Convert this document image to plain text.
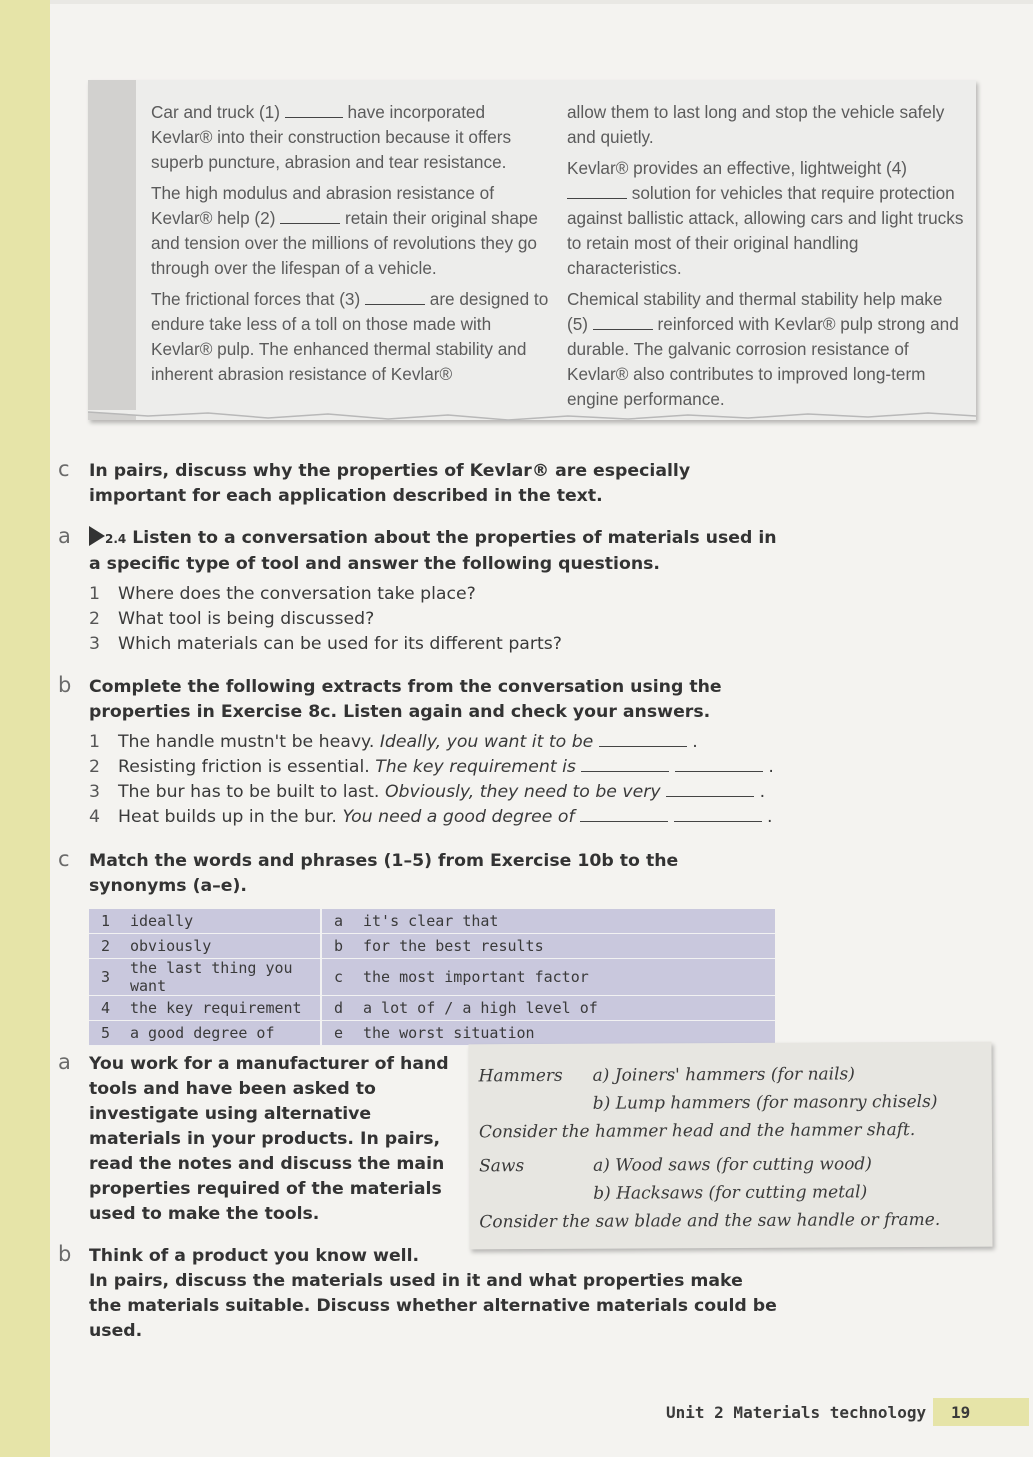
Car and truck (1)	have incorporated Kevlar® into their construction because it offers superb puncture, abrasion and tear resistance.

The high modulus and abrasion resistance of Kevlar® help (2)	retain their original shape and tension over the millions of revolutions they go through over the lifespan of a vehicle.

The frictional forces that (3)	are designed to endure take less of a toll on those made with Kevlar® pulp. The enhanced thermal stability and inherent abrasion resistance of Kevlar®

allow them to last long and stop the vehicle safely and quietly.

Kevlar® provides an effective, lightweight (4)  solution for vehicles that require protection against ballistic attack, allowing cars and light trucks to retain most of their original handling characteristics.

Chemical stability and thermal stability help make (5)	reinforced with Kevlar® pulp strong and durable. The galvanic corrosion resistance of Kevlar® also contributes to improved long-term engine performance.

c In pairs, discuss why the properties of Kevlar® are especially important for each application described in the text.
a	2.4 Listen to a conversation about the properties of materials used in a specific type of tool and answer the following questions.
1	Where does the conversation take place?
2	What tool is being discussed?
3	Which materials can be used for its different parts?
b Complete the following extracts from the conversation using the properties in Exercise 8c. Listen again and check your answers.
1	The handle mustn't be heavy. Ideally, you want it to be	.
2	Resisting friction is essential. The key requirement is	.
3	The bur has to be built to last. Obviously, they need to be very	.
4	Heat builds up in the bur. You need a good degree of	.
c Match the words and phrases (1–5) from Exercise 10b to the synonyms (a–e).
1	ideally	a	it's clear that
2	obviously	b	for the best results
3	the last thing you want	c	the most important factor
4	the key requirement	d	a lot of / a high level of
5	a good degree of	e	the worst situation
a You work for a manufacturer of hand tools and have been asked to investigate using alternative materials in your products. In pairs, read the notes and discuss the main properties required of the materials used to make the tools.
Hammers a) Joiners' hammers (for nails)
b) Lump hammers (for masonry chisels)
Consider the hammer head and the hammer shaft.
Saws	a) Wood saws (for cutting wood)
b) Hacksaws (for cutting metal)
Consider the saw blade and the saw handle or frame.
b Think of a product you know well.
In pairs, discuss the materials used in it and what properties make the materials suitable. Discuss whether alternative materials could be used.
Unit 2 Materials technology 19
